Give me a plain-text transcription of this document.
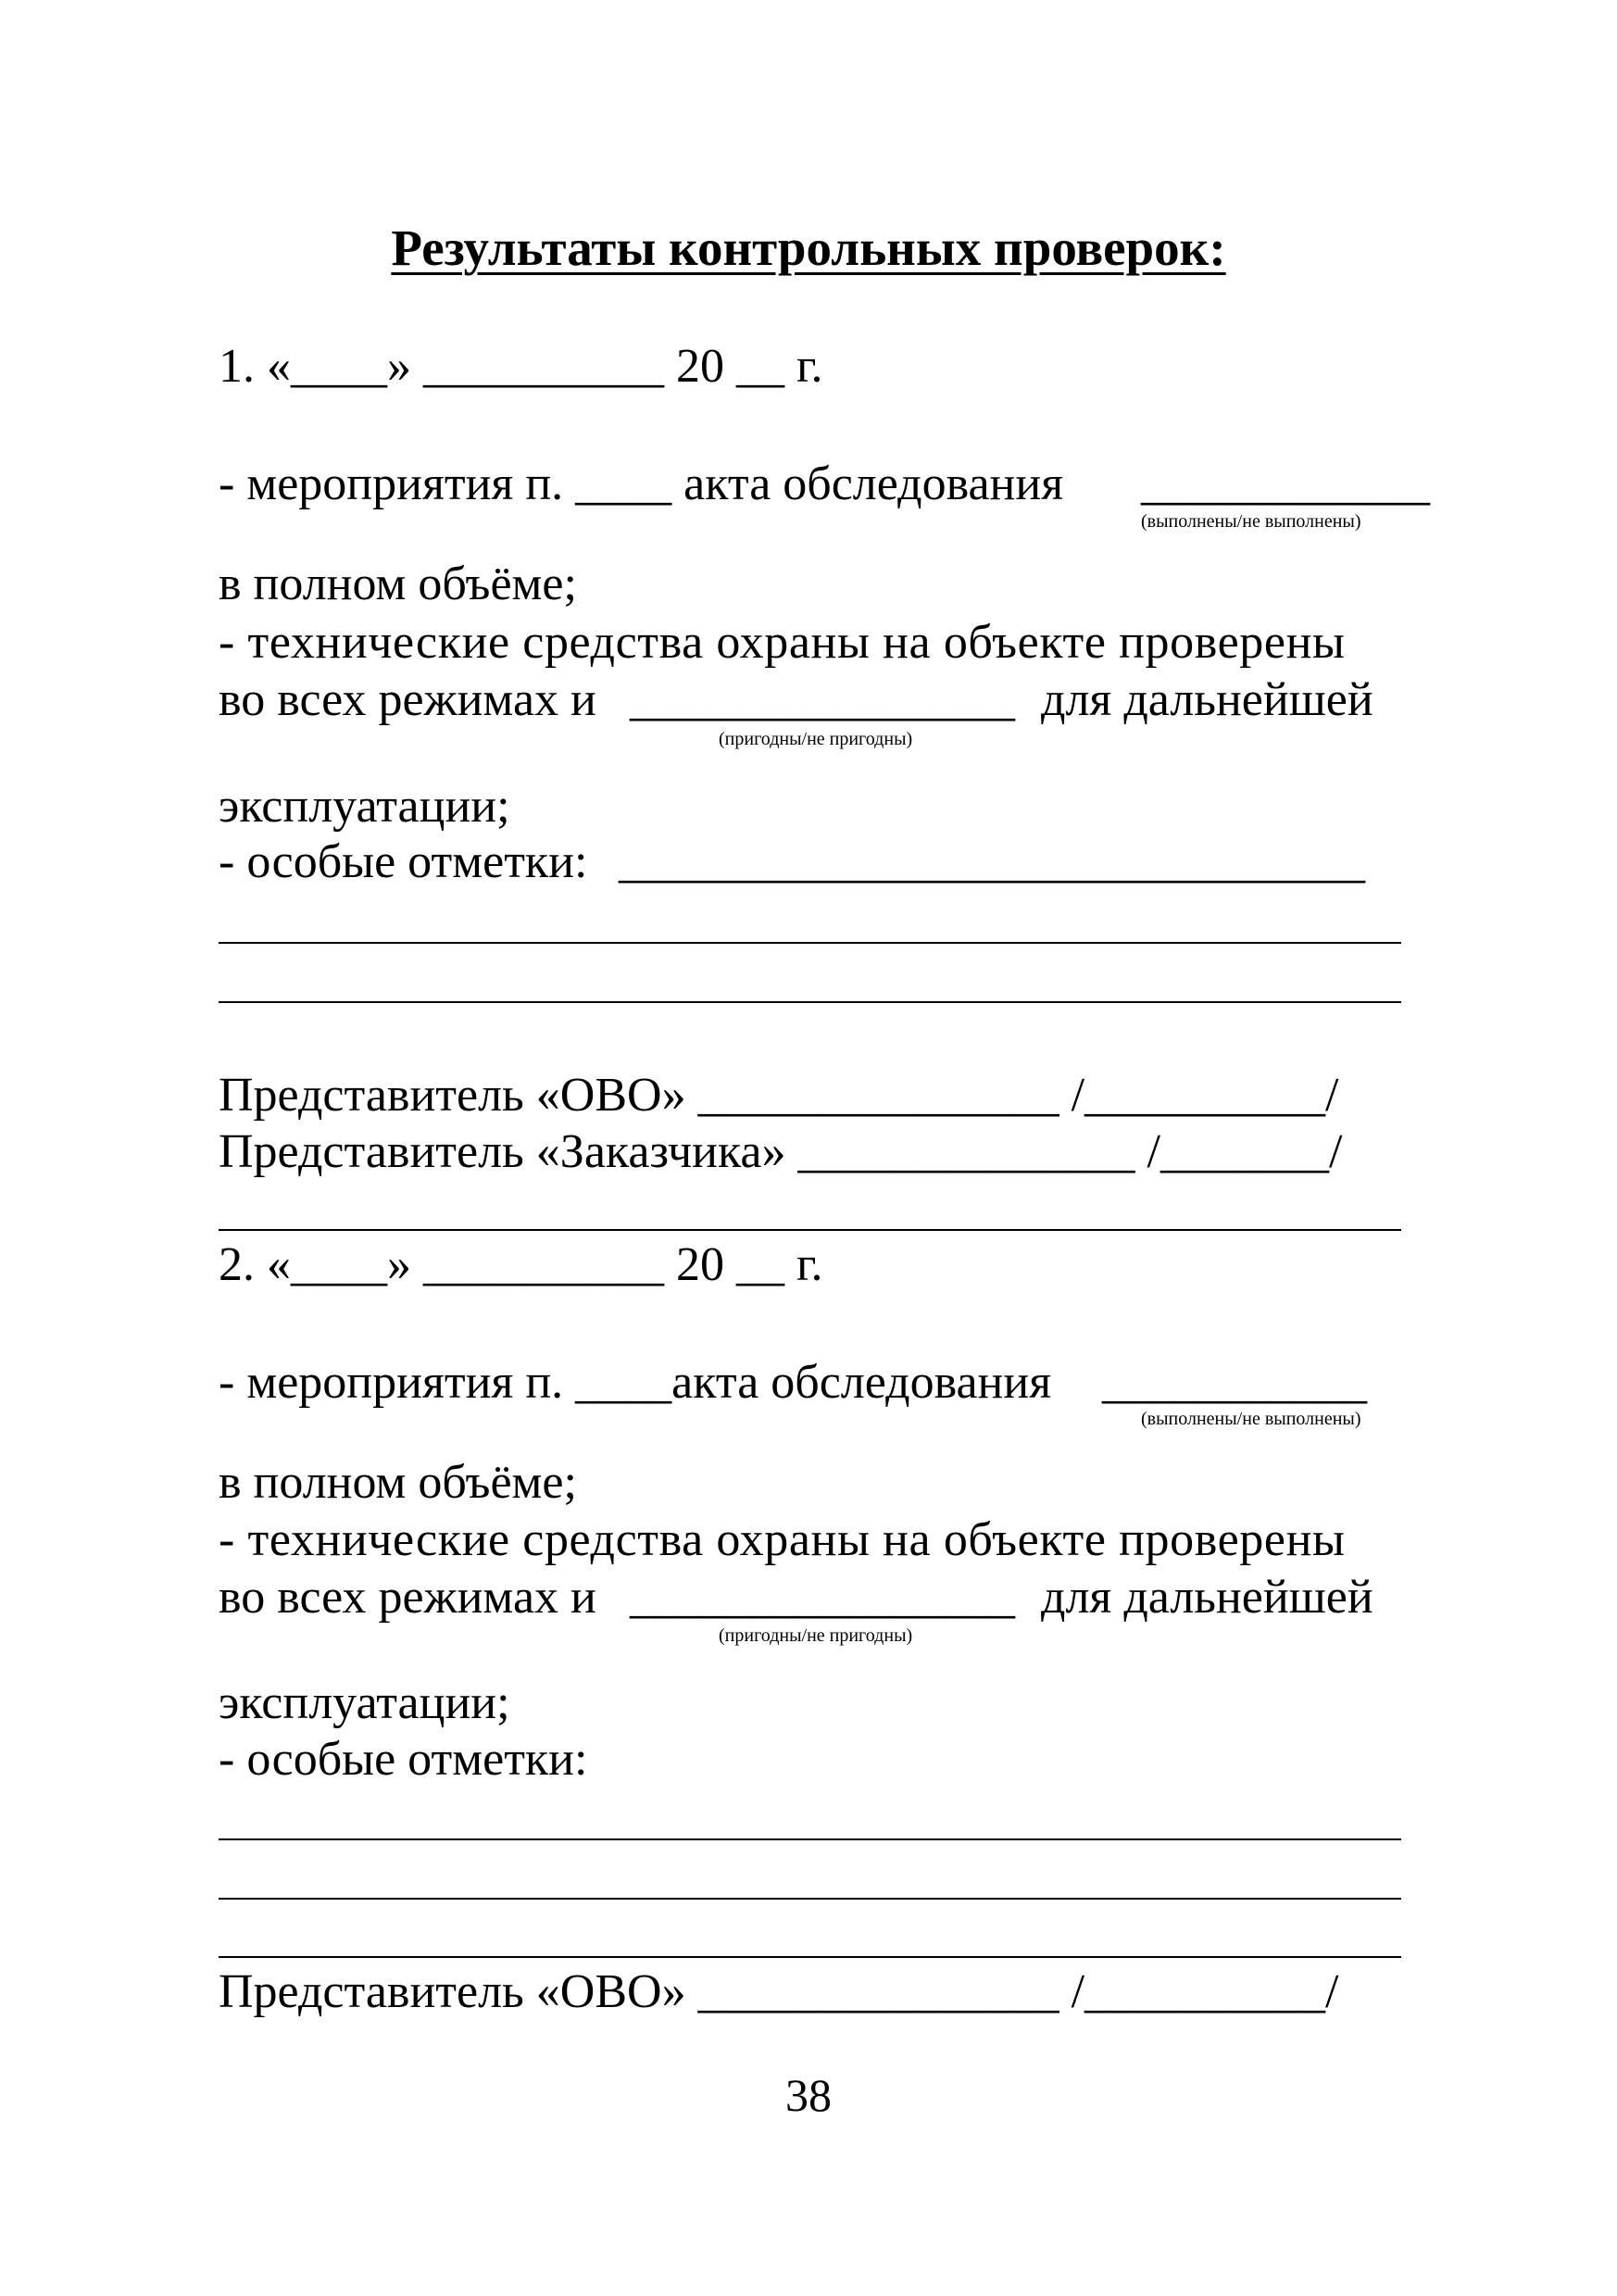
Результаты контрольных проверок:
1. «____» __________ 20 __ г.
- мероприятия п. ____ акта обследования ____________
(выполнены/не выполнены)
в полном объёме;
- технические средства охраны на объекте проверены
во всех режимах и ________________ для дальнейшей
(пригодны/не пригодны)
эксплуатации;
- особые отметки: _______________________________
Представитель «ОВО» _______________ /__________/
Представитель «Заказчика» ______________ /_______/
2. «____» __________ 20 __ г.
- мероприятия п. ____акта обследования ___________
(выполнены/не выполнены)
в полном объёме;
- технические средства охраны на объекте проверены
во всех режимах и ________________ для дальнейшей
(пригодны/не пригодны)
эксплуатации;
- особые отметки:
Представитель «ОВО» _______________ /__________/
38
